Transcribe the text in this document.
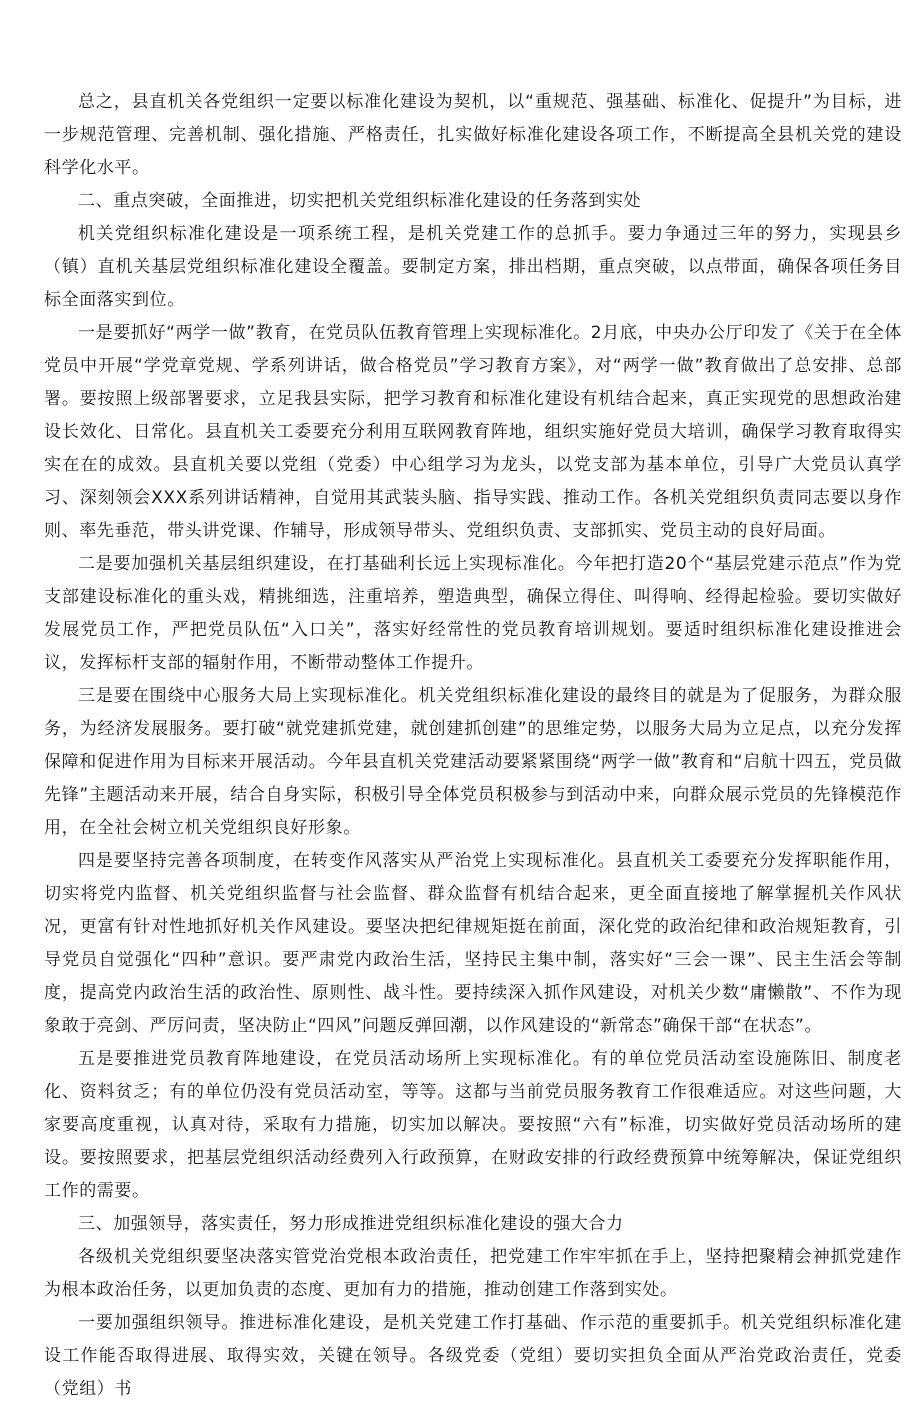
总之，县直机关各党组织一定要以标准化建设为契机，以“重规范、强基础、标准化、促提升”为目标，进一步规范管理、完善机制、强化措施、严格责任，扎实做好标准化建设各项工作，不断提高全县机关党的建设科学化水平。

二、重点突破，全面推进，切实把机关党组织标准化建设的任务落到实处

机关党组织标准化建设是一项系统工程，是机关党建工作的总抓手。要力争通过三年的努力，实现县乡（镇）直机关基层党组织标准化建设全覆盖。要制定方案，排出档期，重点突破，以点带面，确保各项任务目标全面落实到位。

一是要抓好“两学一做”教育，在党员队伍教育管理上实现标准化。2月底，中央办公厅印发了《关于在全体党员中开展“学党章党规、学系列讲话，做合格党员”学习教育方案》，对“两学一做”教育做出了总安排、总部署。要按照上级部署要求，立足我县实际，把学习教育和标准化建设有机结合起来，真正实现党的思想政治建设长效化、日常化。县直机关工委要充分利用互联网教育阵地，组织实施好党员大培训，确保学习教育取得实实在在的成效。县直机关要以党组（党委）中心组学习为龙头，以党支部为基本单位，引导广大党员认真学习、深刻领会XXX系列讲话精神，自觉用其武装头脑、指导实践、推动工作。各机关党组织负责同志要以身作则、率先垂范，带头讲党课、作辅导，形成领导带头、党组织负责、支部抓实、党员主动的良好局面。

二是要加强机关基层组织建设，在打基础利长远上实现标准化。今年把打造20个“基层党建示范点”作为党支部建设标准化的重头戏，精挑细选，注重培养，塑造典型，确保立得住、叫得响、经得起检验。要切实做好发展党员工作，严把党员队伍“入口关”，落实好经常性的党员教育培训规划。要适时组织标准化建设推进会议，发挥标杆支部的辐射作用，不断带动整体工作提升。

三是要在围绕中心服务大局上实现标准化。机关党组织标准化建设的最终目的就是为了促服务，为群众服务，为经济发展服务。要打破“就党建抓党建，就创建抓创建”的思维定势，以服务大局为立足点，以充分发挥保障和促进作用为目标来开展活动。今年县直机关党建活动要紧紧围绕“两学一做”教育和“启航十四五，党员做先锋”主题活动来开展，结合自身实际，积极引导全体党员积极参与到活动中来，向群众展示党员的先锋模范作用，在全社会树立机关党组织良好形象。

四是要坚持完善各项制度，在转变作风落实从严治党上实现标准化。县直机关工委要充分发挥职能作用，切实将党内监督、机关党组织监督与社会监督、群众监督有机结合起来，更全面直接地了解掌握机关作风状况，更富有针对性地抓好机关作风建设。要坚决把纪律规矩挺在前面，深化党的政治纪律和政治规矩教育，引导党员自觉强化“四种”意识。要严肃党内政治生活，坚持民主集中制，落实好“三会一课”、民主生活会等制度，提高党内政治生活的政治性、原则性、战斗性。要持续深入抓作风建设，对机关少数“庸懒散”、不作为现象敢于亮剑、严厉问责，坚决防止“四风”问题反弹回潮，以作风建设的“新常态”确保干部“在状态”。

五是要推进党员教育阵地建设，在党员活动场所上实现标准化。有的单位党员活动室设施陈旧、制度老化、资料贫乏；有的单位仍没有党员活动室，等等。这都与当前党员服务教育工作很难适应。对这些问题，大家要高度重视，认真对待，采取有力措施，切实加以解决。要按照“六有”标准，切实做好党员活动场所的建设。要按照要求，把基层党组织活动经费列入行政预算，在财政安排的行政经费预算中统筹解决，保证党组织工作的需要。

三、加强领导，落实责任，努力形成推进党组织标准化建设的强大合力

各级机关党组织要坚决落实管党治党根本政治责任，把党建工作牢牢抓在手上，坚持把聚精会神抓党建作为根本政治任务，以更加负责的态度、更加有力的措施，推动创建工作落到实处。

一要加强组织领导。推进标准化建设，是机关党建工作打基础、作示范的重要抓手。机关党组织标准化建设工作能否取得进展、取得实效，关键在领导。各级党委（党组）要切实担负全面从严治党政治责任，党委（党组）书
